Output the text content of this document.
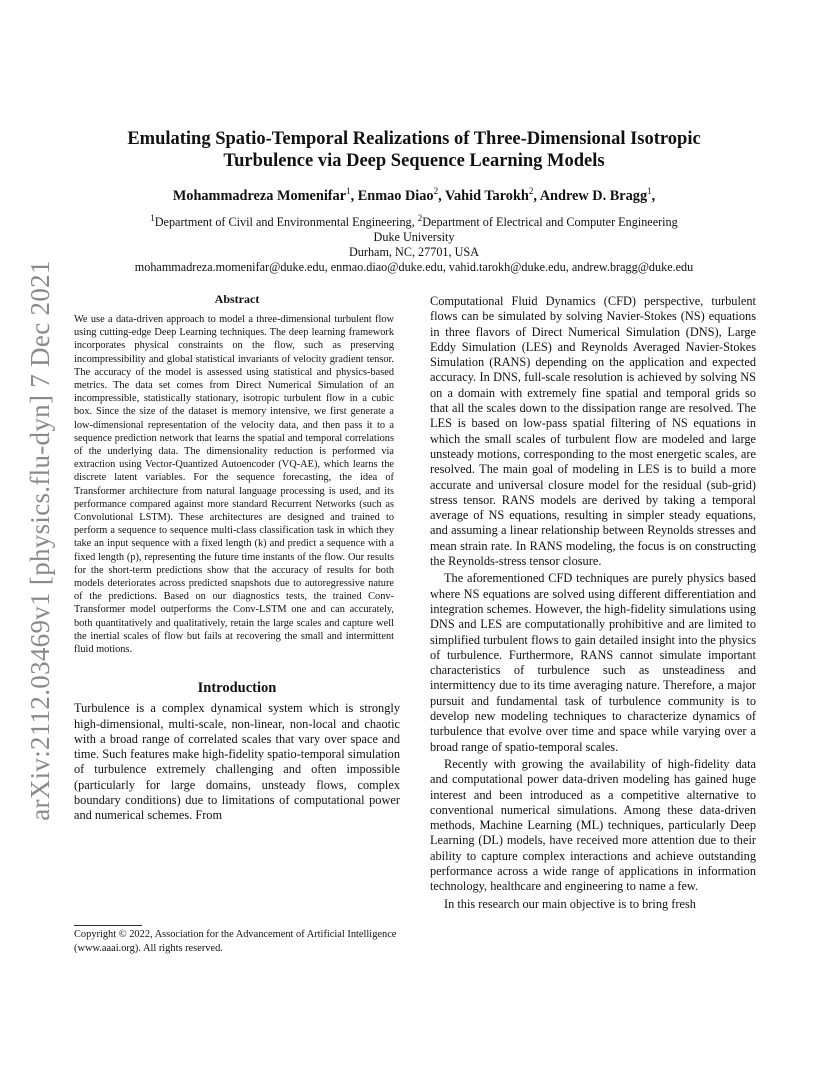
arXiv:2112.03469v1 [physics.flu-dyn] 7 Dec 2021
Emulating Spatio-Temporal Realizations of Three-Dimensional Isotropic
Turbulence via Deep Sequence Learning Models
Mohammadreza Momenifar$^1$, Enmao Diao$^2$, Vahid Tarokh$^2$, Andrew D. Bragg$^1$,
$^1$Department of Civil and Environmental Engineering, $^2$Department of Electrical and Computer Engineering
Duke University
Durham, NC, 27701, USA
mohammadreza.momenifar@duke.edu, enmao.diao@duke.edu, vahid.tarokh@duke.edu, andrew.bragg@duke.edu
Abstract

We use a data-driven approach to model a three-dimensional turbulent flow using cutting-edge Deep Learning techniques. The deep learning framework incorporates physical constraints on the flow, such as preserving incompressibility and global statistical invariants of velocity gradient tensor. The accuracy of the model is assessed using statistical and physics-based metrics. The data set comes from Direct Numerical Simulation of an incompressible, statistically stationary, isotropic turbulent flow in a cubic box. Since the size of the dataset is memory intensive, we first generate a low-dimensional representation of the velocity data, and then pass it to a sequence prediction network that learns the spatial and temporal correlations of the underlying data. The dimensionality reduction is performed via extraction using Vector-Quantized Autoencoder (VQ-AE), which learns the discrete latent variables. For the sequence forecasting, the idea of Transformer architecture from natural language processing is used, and its performance compared against more standard Recurrent Networks (such as Convolutional LSTM). These architectures are designed and trained to perform a sequence to sequence multi-class classification task in which they take an input sequence with a fixed length (k) and predict a sequence with a fixed length (p), representing the future time instants of the flow. Our results for the short-term predictions show that the accuracy of results for both models deteriorates across predicted snapshots due to autoregressive nature of the predictions. Based on our diagnostics tests, the trained Conv-Transformer model outperforms the Conv-LSTM one and can accurately, both quantitatively and qualitatively, retain the large scales and capture well the inertial scales of flow but fails at recovering the small and intermittent fluid motions.

Introduction

Turbulence is a complex dynamical system which is strongly high-dimensional, multi-scale, non-linear, non-local and chaotic with a broad range of correlated scales that vary over space and time. Such features make high-fidelity spatio-temporal simulation of turbulence extremely challenging and often impossible (particularly for large domains, unsteady flows, complex boundary conditions) due to limitations of computational power and numerical schemes. From

Copyright © 2022, Association for the Advancement of Artificial Intelligence (www.aaai.org). All rights reserved.

Computational Fluid Dynamics (CFD) perspective, turbulent flows can be simulated by solving Navier-Stokes (NS) equations in three flavors of Direct Numerical Simulation (DNS), Large Eddy Simulation (LES) and Reynolds Averaged Navier-Stokes Simulation (RANS) depending on the application and expected accuracy. In DNS, full-scale resolution is achieved by solving NS on a domain with extremely fine spatial and temporal grids so that all the scales down to the dissipation range are resolved. The LES is based on low-pass spatial filtering of NS equations in which the small scales of turbulent flow are modeled and large unsteady motions, corresponding to the most energetic scales, are resolved. The main goal of modeling in LES is to build a more accurate and universal closure model for the residual (sub-grid) stress tensor. RANS models are derived by taking a temporal average of NS equations, resulting in simpler steady equations, and assuming a linear relationship between Reynolds stresses and mean strain rate. In RANS modeling, the focus is on constructing the Reynolds-stress tensor closure.

The aforementioned CFD techniques are purely physics based where NS equations are solved using different differentiation and integration schemes. However, the high-fidelity simulations using DNS and LES are computationally prohibitive and are limited to simplified turbulent flows to gain detailed insight into the physics of turbulence. Furthermore, RANS cannot simulate important characteristics of turbulence such as unsteadiness and intermittency due to its time averaging nature. Therefore, a major pursuit and fundamental task of turbulence community is to develop new modeling techniques to characterize dynamics of turbulence that evolve over time and space while varying over a broad range of spatio-temporal scales.

Recently with growing the availability of high-fidelity data and computational power data-driven modeling has gained huge interest and been introduced as a competitive alternative to conventional numerical simulations. Among these data-driven methods, Machine Learning (ML) techniques, particularly Deep Learning (DL) models, have received more attention due to their ability to capture complex interactions and achieve outstanding performance across a wide range of applications in information technology, healthcare and engineering to name a few.

In this research our main objective is to bring fresh
